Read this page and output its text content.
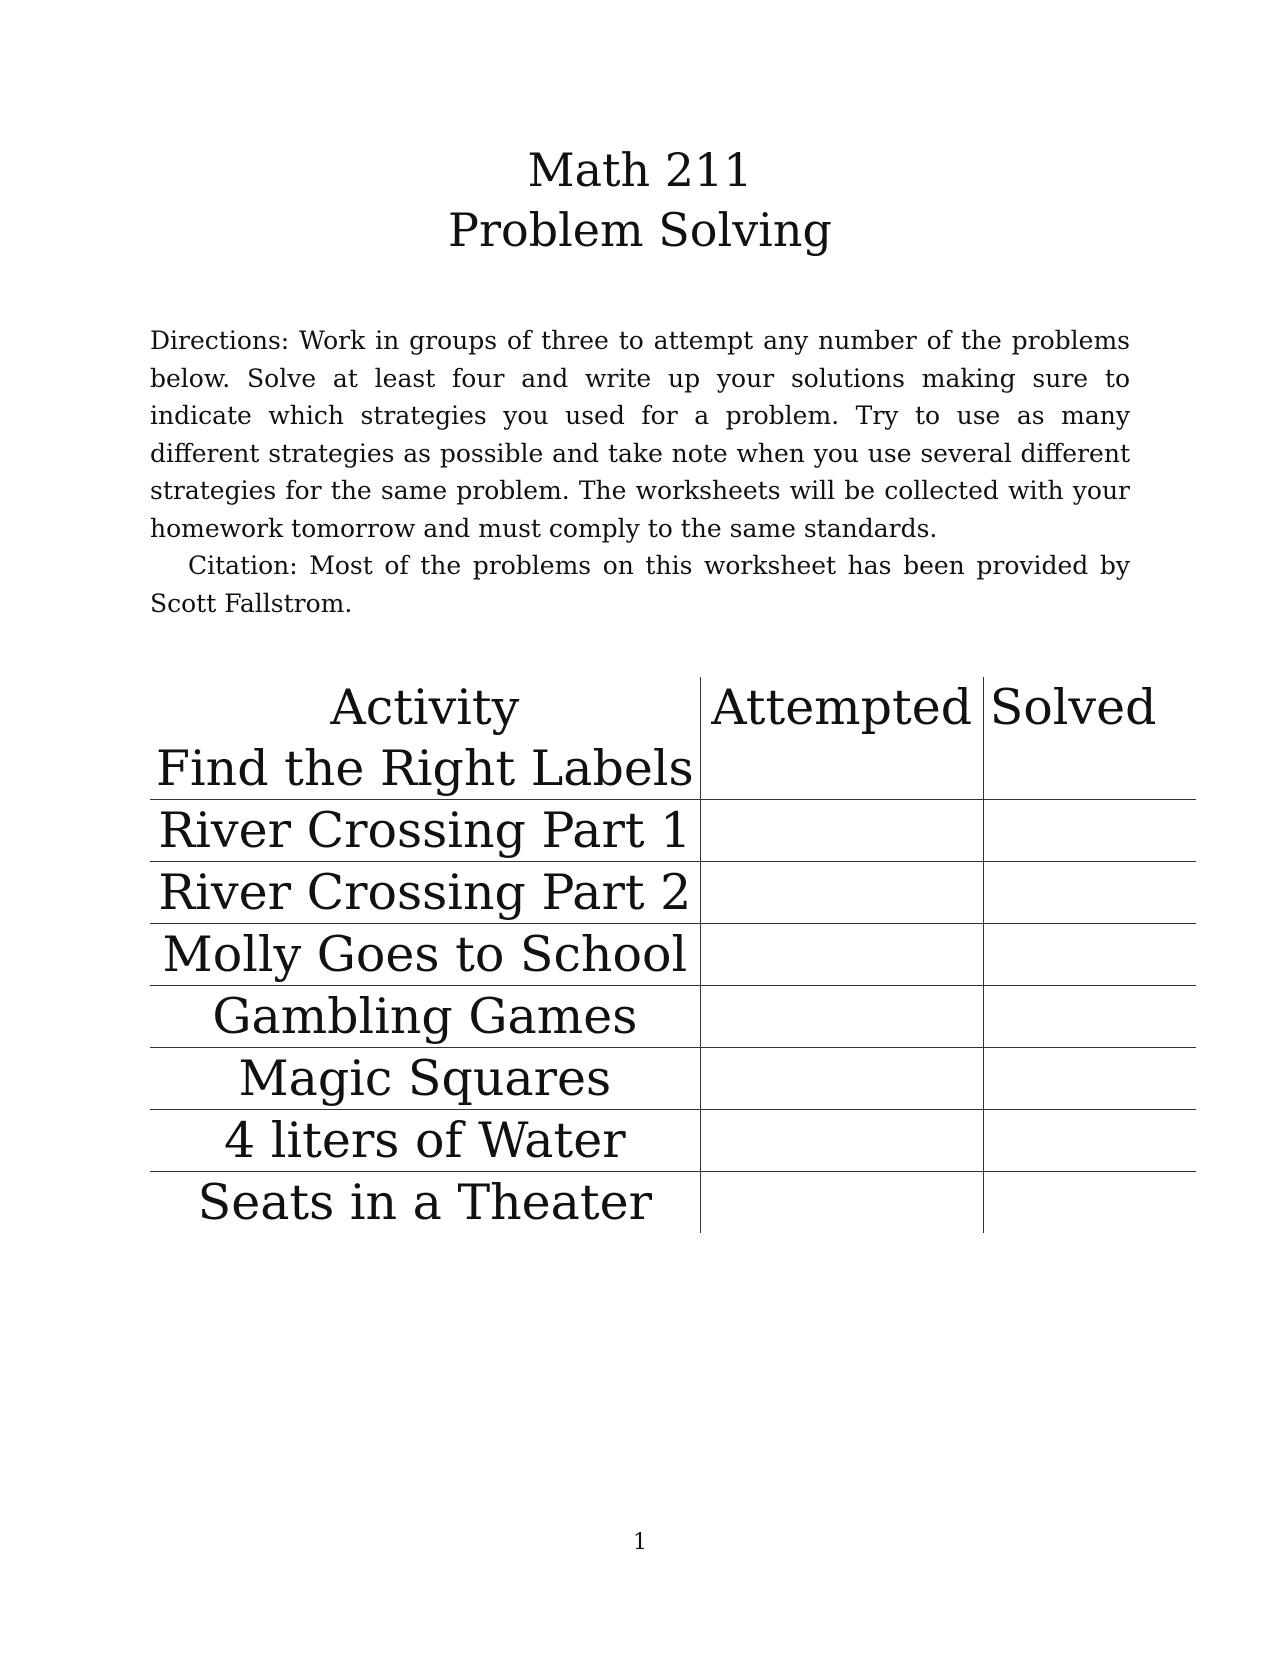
Math 211
Problem Solving

Directions: Work in groups of three to attempt any number of the problems below. Solve at least four and write up your solutions making sure to indicate which strategies you used for a problem. Try to use as many different strategies as possible and take note when you use several different strategies for the same problem. The worksheets will be collected with your homework tomorrow and must comply to the same standards.

Citation: Most of the problems on this worksheet has been provided by Scott Fallstrom.

Activity	Attempted	Solved
Find the Right Labels		
River Crossing Part 1		
River Crossing Part 2		
Molly Goes to School		
Gambling Games		
Magic Squares		
4 liters of Water		
Seats in a Theater		
1
